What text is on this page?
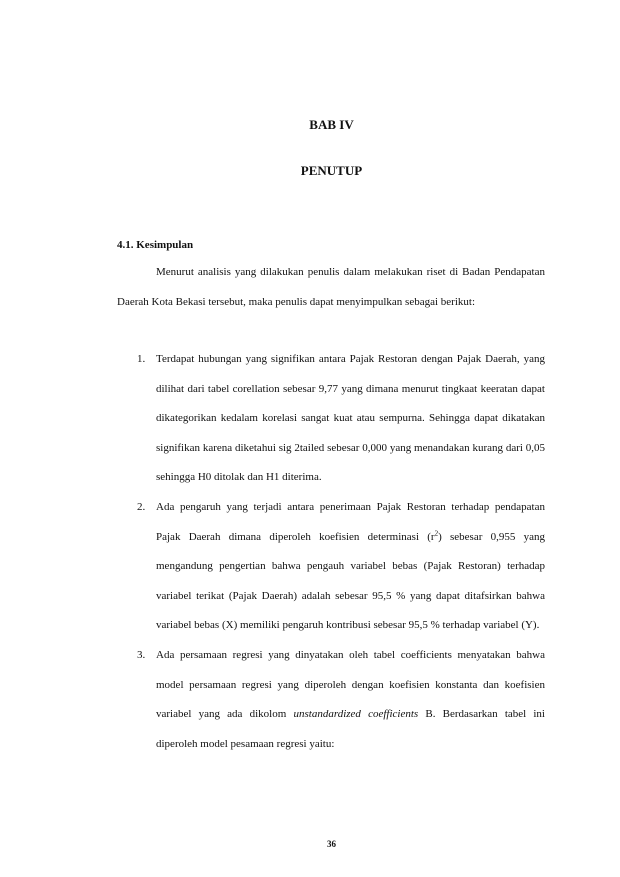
BAB IV
PENUTUP
4.1. Kesimpulan

Menurut analisis yang dilakukan penulis dalam melakukan riset di Badan Pendapatan Daerah Kota Bekasi tersebut, maka penulis dapat menyimpulkan sebagai berikut:

1. Terdapat hubungan yang signifikan antara Pajak Restoran dengan Pajak Daerah, yang dilihat dari tabel corellation sebesar 9,77 yang dimana menurut tingkaat keeratan dapat dikategorikan kedalam korelasi sangat kuat atau sempurna. Sehingga dapat dikatakan signifikan karena diketahui sig 2tailed sebesar 0,000 yang menandakan kurang dari 0,05 sehingga H0 ditolak dan H1 diterima.
2. Ada pengaruh yang terjadi antara penerimaan Pajak Restoran terhadap pendapatan Pajak Daerah dimana diperoleh koefisien determinasi $(r^2)$ sebesar 0,955 yang mengandung pengertian bahwa pengauh variabel bebas (Pajak Restoran) terhadap variabel terikat (Pajak Daerah) adalah sebesar 95,5 % yang dapat ditafsirkan bahwa variabel bebas (X) memiliki pengaruh kontribusi sebesar 95,5 % terhadap variabel (Y).
3. Ada persamaan regresi yang dinyatakan oleh tabel coefficients menyatakan bahwa model persamaan regresi yang diperoleh dengan koefisien konstanta dan koefisien variabel yang ada dikolom unstandardized coefficients B. Berdasarkan tabel ini diperoleh model pesamaan regresi yaitu:
36
